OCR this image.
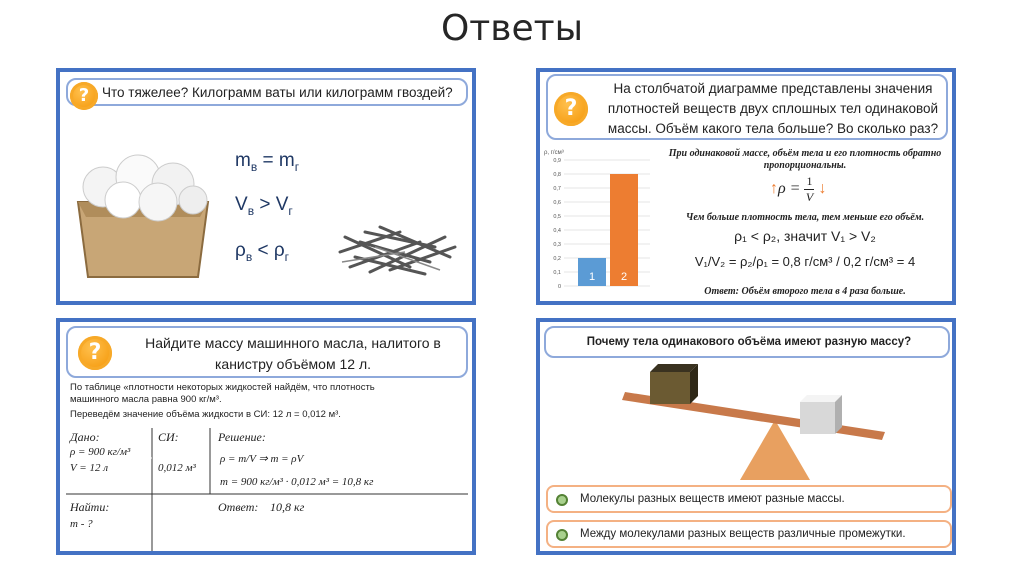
Ответы
? Что тяжелее? Килограмм ваты или килограмм гвоздей?
$m_в = m_г$
$V_в > V_г$
$\rho_в < \rho_г$
?
На столбчатой диаграмме представлены значения плотностей веществ двух сплошных тел одинаковой массы. Объём какого тела больше? Во сколько раз?
ρ, г/см³
0
0,1
0,2
0,3
0,4
0,5
0,6
0,7
0,8
0,9
1 2
При одинаковой массе, объём тела и его плотность обратно пропорциональны.
↑ρ = $\frac{1}{V}$ ↓
Чем больше плотность тела, тем меньше его объём.
ρ₁ < ρ₂, значит V₁ > V₂
V₁/V₂ = ρ₂/ρ₁ = 0,8 г/см³ / 0,2 г/см³ = 4
Ответ: Объём второго тела в 4 раза больше.
?	Найдите массу машинного масла, налитого в канистру объёмом 12 л.
По таблице «плотности некоторых жидкостей найдём, что плотность машинного масла равна 900 кг/м³.
Переведём значение объёма жидкости в СИ: 12 л = 0,012 м³.
Дано:
ρ = 900 кг/м³
V = 12 л
СИ:
0,012 м³
Решение:
ρ = m/V ⇒ m = ρV
m = 900 кг/м³ · 0,012 м³ = 10,8 кг
Найти:
m - ?
Ответ: 10,8 кг
Почему тела одинакового объёма имеют разную массу?
Молекулы разных веществ имеют разные массы.
Между молекулами разных веществ различные промежутки.
